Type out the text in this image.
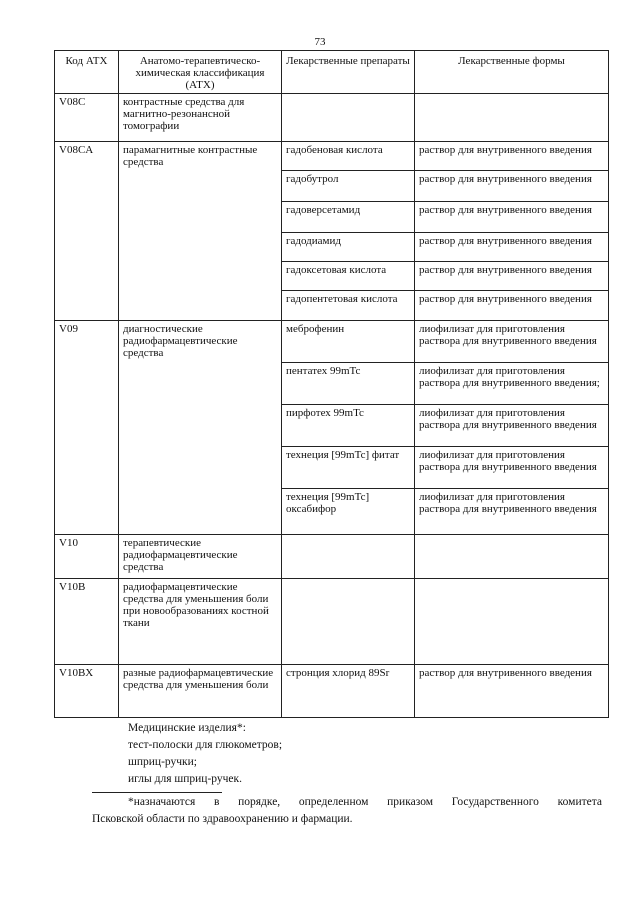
73
Код АТХ	Анатомо-терапевтическо-химическая классификация (АТХ)	Лекарственные препараты	Лекарственные формы
V08C	контрастные средства для магнитно-резонансной томографии		
V08CA	парамагнитные контрастные средства	гадобеновая кислота	раствор для внутривенного введения
		гадобутрол	раствор для внутривенного введения
		гадоверсетамид	раствор для внутривенного введения
		гадодиамид	раствор для внутривенного введения
		гадоксетовая кислота	раствор для внутривенного введения
		гадопентетовая кислота	раствор для внутривенного введения
V09	диагностические радиофармацевтические средства	меброфенин	лиофилизат для приготовления раствора для внутривенного введения
		пентатех 99mTc	лиофилизат для приготовления раствора для внутривенного введения;
		пирфотех 99mTc	лиофилизат для приготовления раствора для внутривенного введения
		технеция [99mTc] фитат	лиофилизат для приготовления раствора для внутривенного введения
		технеция [99mTc] оксабифор	лиофилизат для приготовления раствора для внутривенного введения
V10	терапевтические радиофармацевтические средства		
V10B	радиофармацевтические средства для уменьшения боли при новообразованиях костной ткани		
V10BX	разные радиофармацевтические средства для уменьшения боли	стронция хлорид 89Sr	раствор для внутривенного введения
Медицинские изделия*:
тест-полоски для глюкометров;
шприц-ручки;
иглы для шприц-ручек.
*назначаются в порядке, определенном приказом Государственного комитета
Псковской области по здравоохранению и фармации.
